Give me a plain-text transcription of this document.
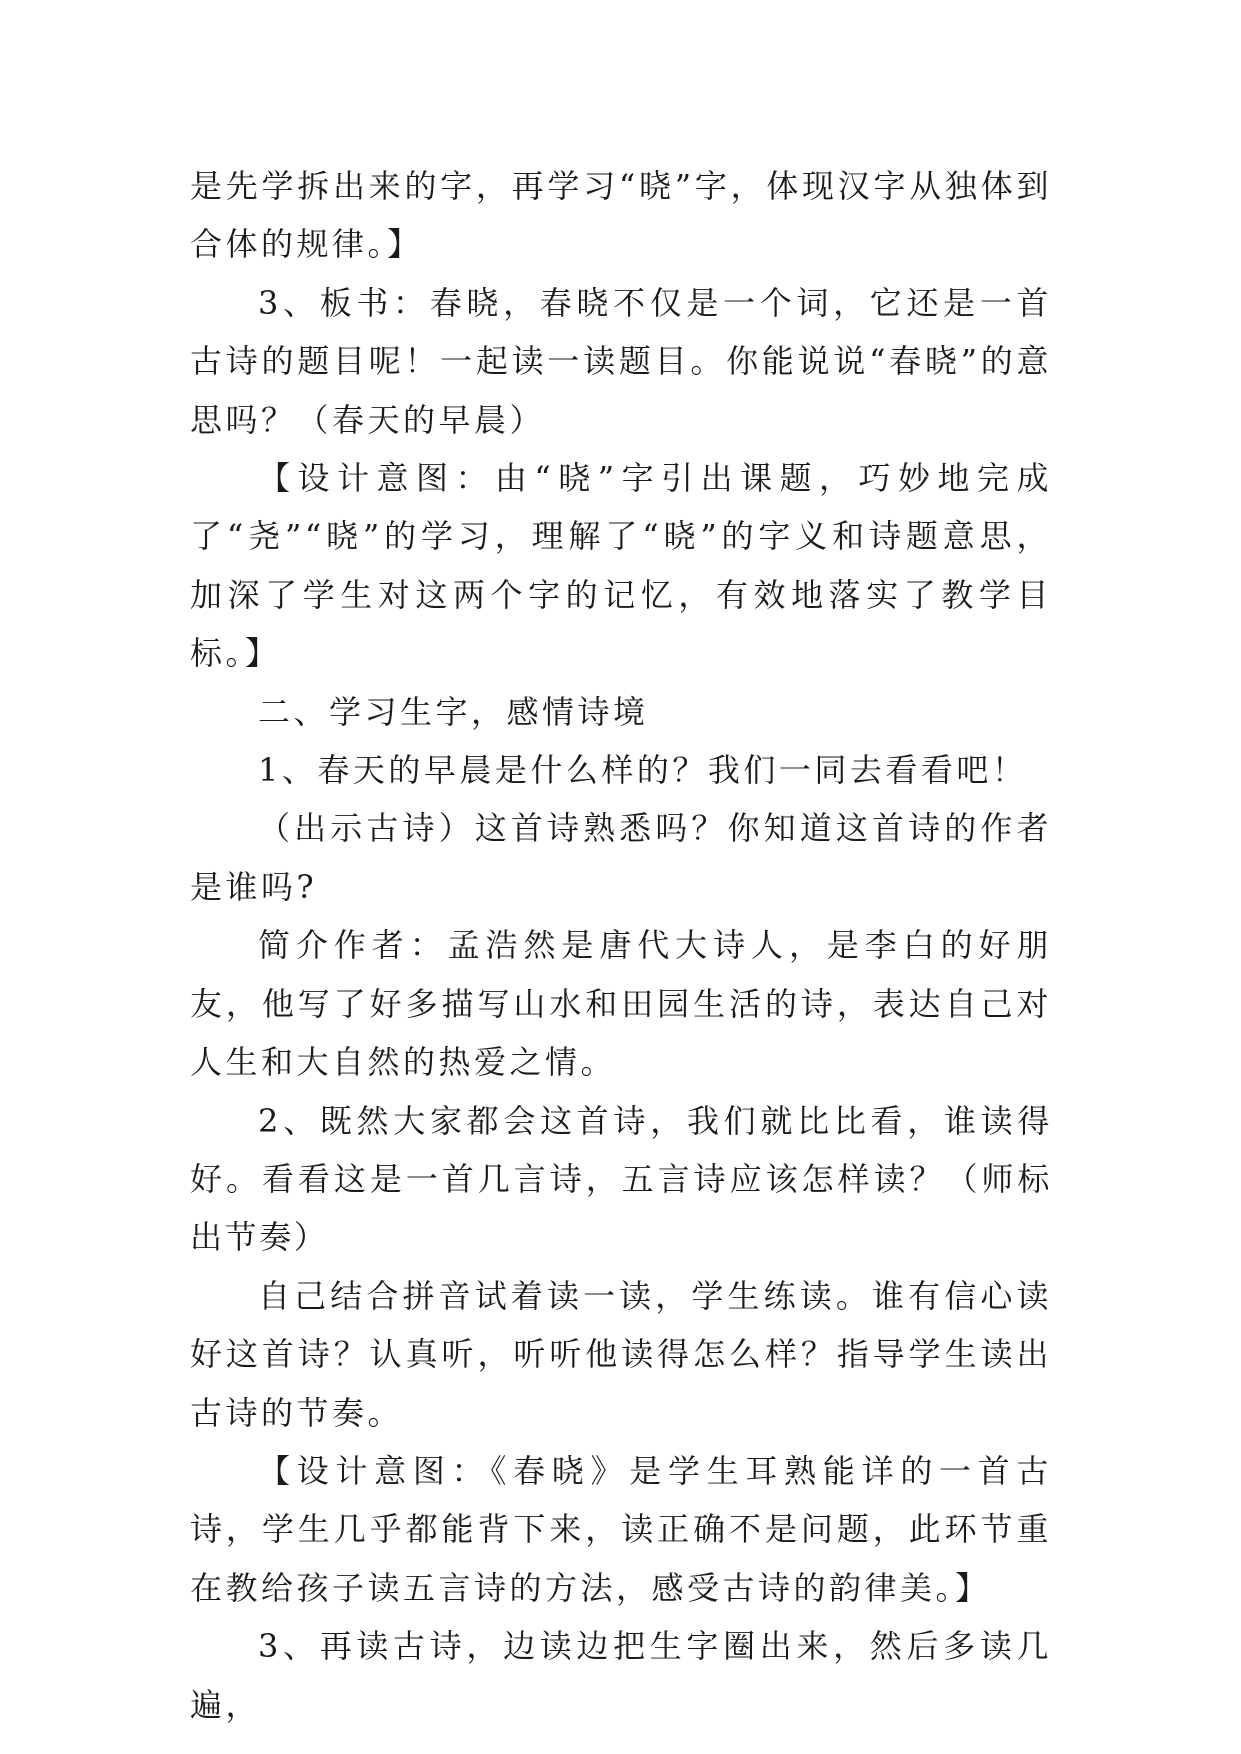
是先学拆出来的字，再学习“晓”字，体现汉字从独体到合体的规律。】

3、板书：春晓，春晓不仅是一个词，它还是一首古诗的题目呢！一起读一读题目。你能说说“春晓”的意思吗？（春天的早晨）

【设计意图：由“晓”字引出课题，巧妙地完成了“尧”“晓”的学习，理解了“晓”的字义和诗题意思，加深了学生对这两个字的记忆，有效地落实了教学目标。】

二、学习生字，感情诗境

1、春天的早晨是什么样的？我们一同去看看吧！

（出示古诗）这首诗熟悉吗？你知道这首诗的作者是谁吗?

简介作者：孟浩然是唐代大诗人，是李白的好朋友，他写了好多描写山水和田园生活的诗，表达自己对人生和大自然的热爱之情。

2、既然大家都会这首诗，我们就比比看，谁读得好。看看这是一首几言诗，五言诗应该怎样读？（师标出节奏）

自己结合拼音试着读一读，学生练读。谁有信心读好这首诗？认真听，听听他读得怎么样？指导学生读出古诗的节奏。

【设计意图：《春晓》是学生耳熟能详的一首古诗，学生几乎都能背下来，读正确不是问题，此环节重在教给孩子读五言诗的方法，感受古诗的韵律美。】

3、再读古诗，边读边把生字圈出来，然后多读几遍，
